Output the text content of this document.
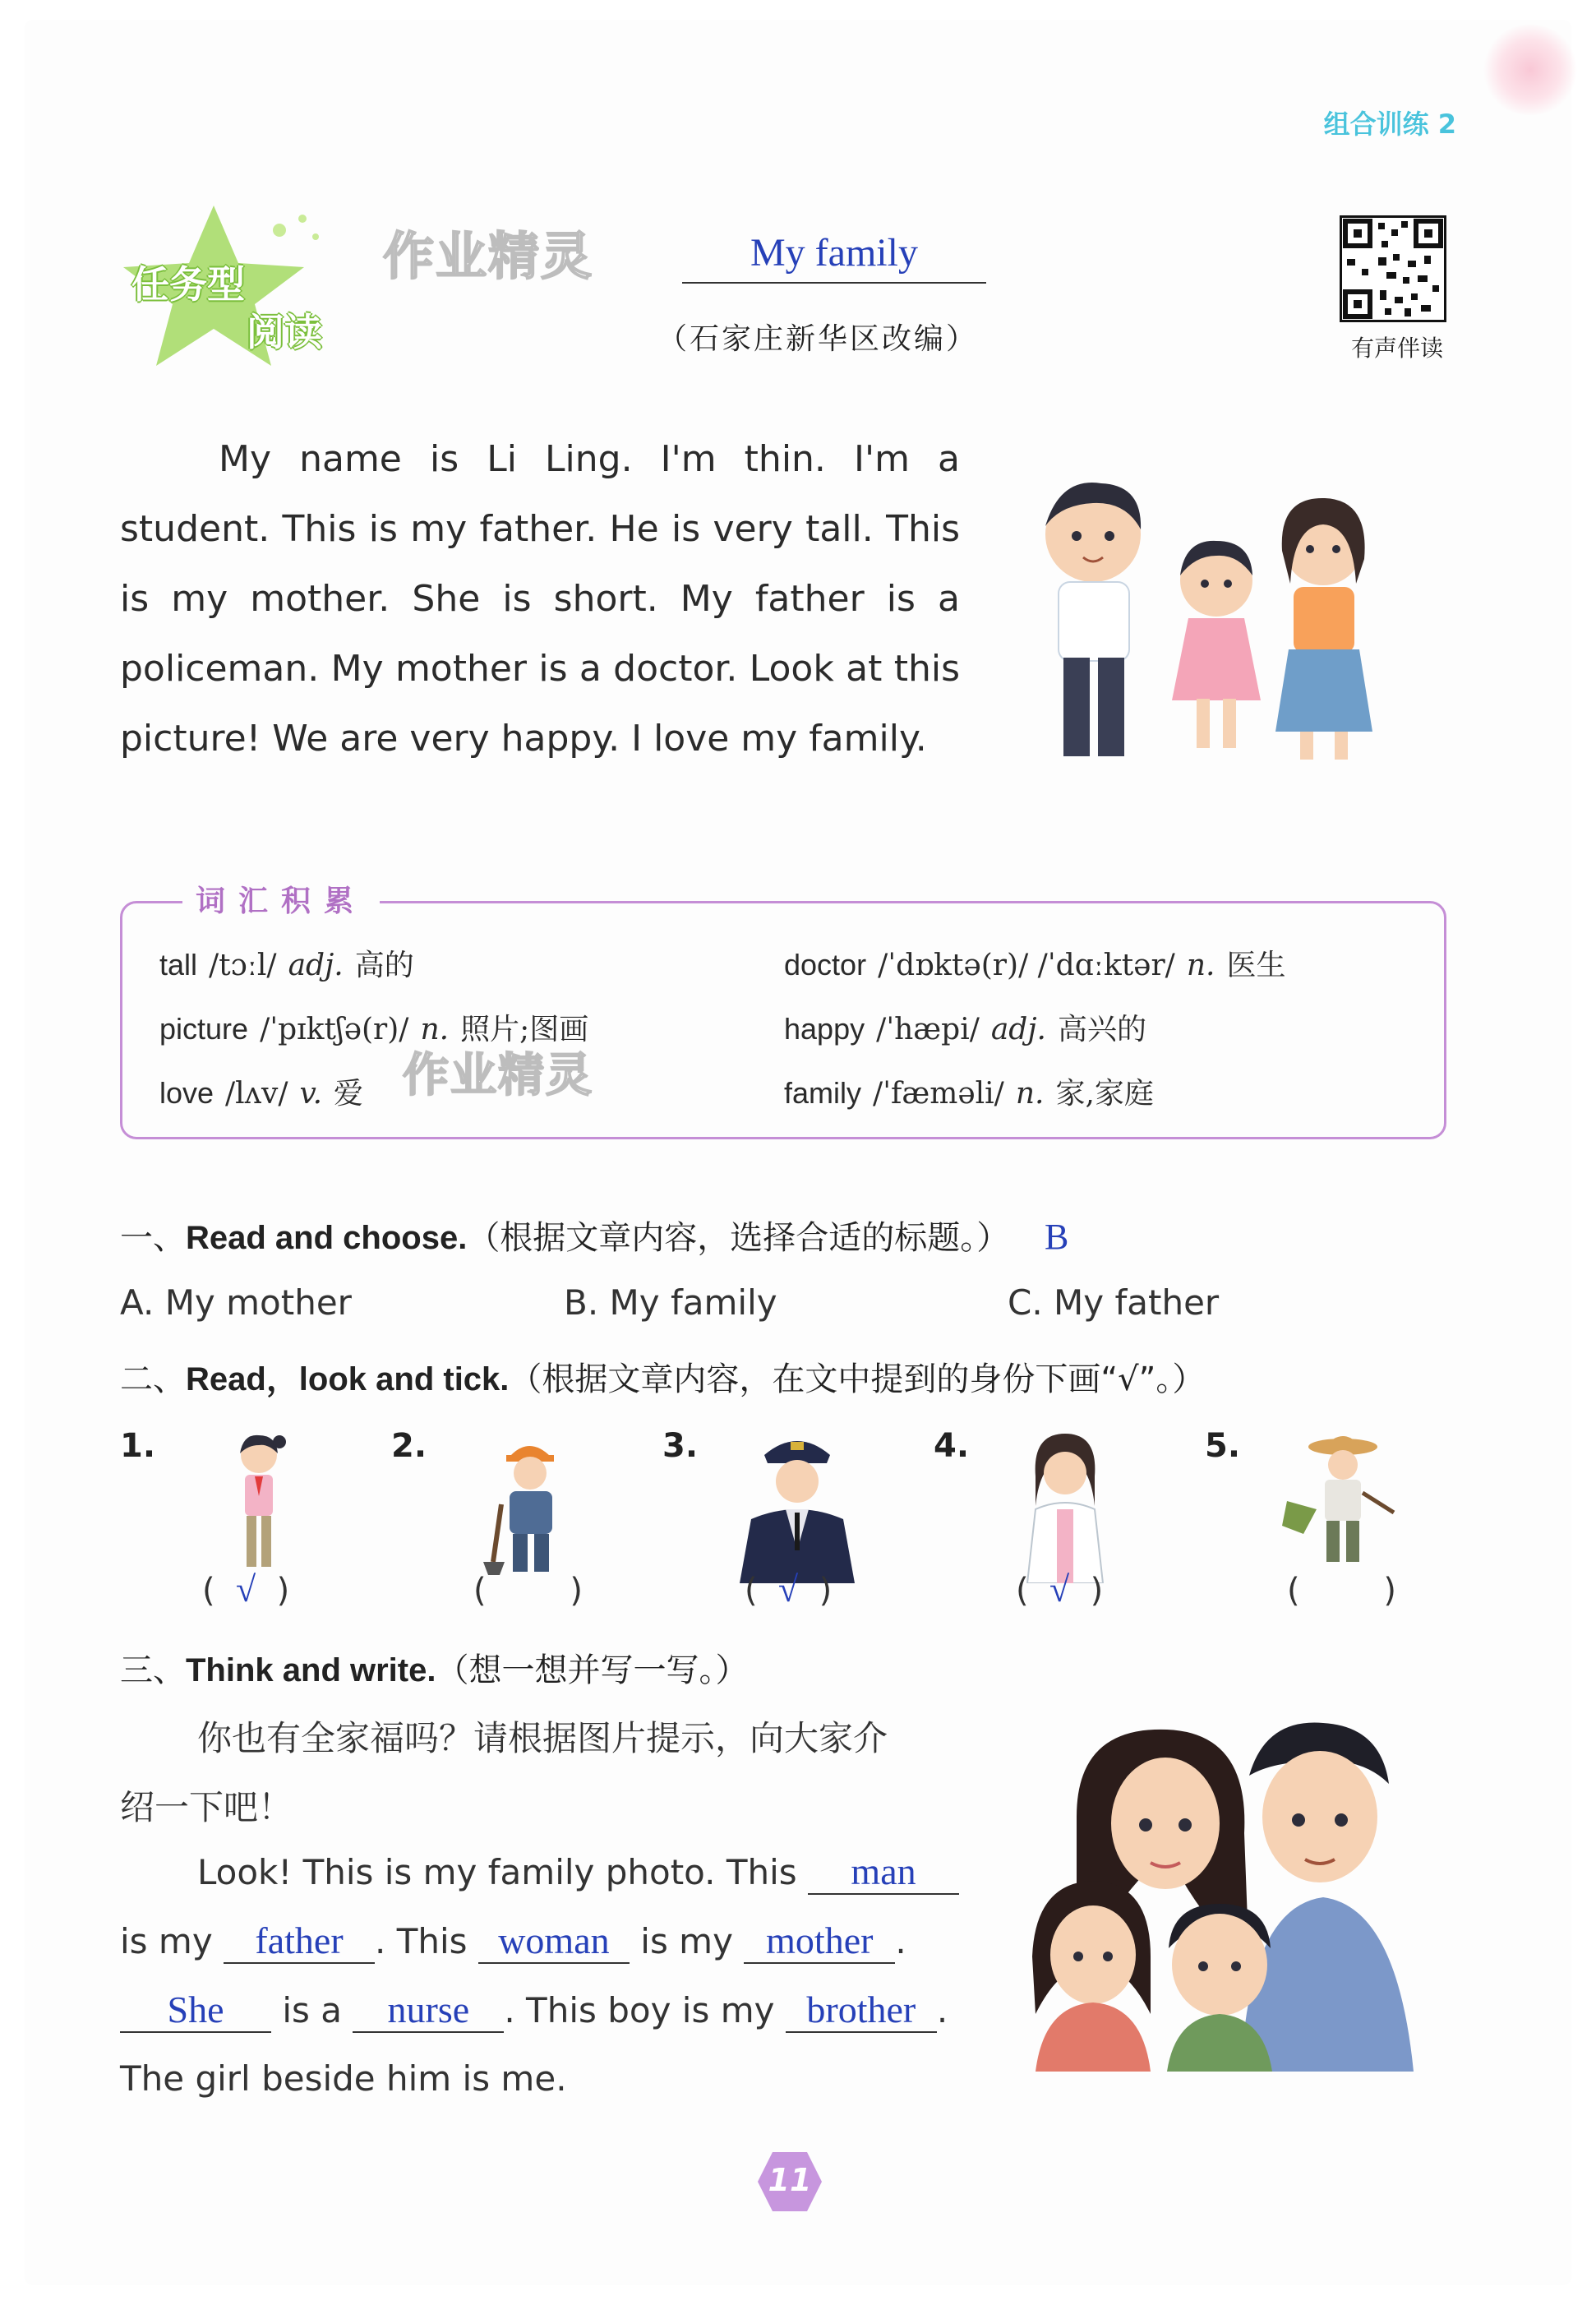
组合训练 2
任务型
阅读
作业精灵	My family
（石家庄新华区改编）	有声伴读

My name is Li Ling. I'm thin. I'm a student. This is my father. He is very tall. This is my mother. She is short. My father is a policeman. My mother is a doctor. Look at this picture! We are very happy. I love my family.

词汇积累
tall /tɔːl/ adj. 高的	doctor /ˈdɒktə(r)/ /ˈdɑːktər/ n. 医生
picture /ˈpɪktʃə(r)/ n. 照片;图画	happy /ˈhæpi/ adj. 高兴的
love /lʌv/ v. 爱	family /ˈfæməli/ n. 家,家庭
作业精灵
一、Read and choose.（根据文章内容，选择合适的标题。） B
A. My mother	B. My family	C. My father
二、Read，look and tick.（根据文章内容，在文中提到的身份下画“√”。）
1.	2.	3.	4.	5.
(  √  )	(        )	(  √  )	(  √  )	(        )
三、Think and write.（想一想并写一写。）
你也有全家福吗？请根据图片提示，向大家介
绍一下吧！
Look! This is my family photo. This man
is my father . This woman is my mother .
She is a nurse . This boy is my brother .
The girl beside him is me.
11
